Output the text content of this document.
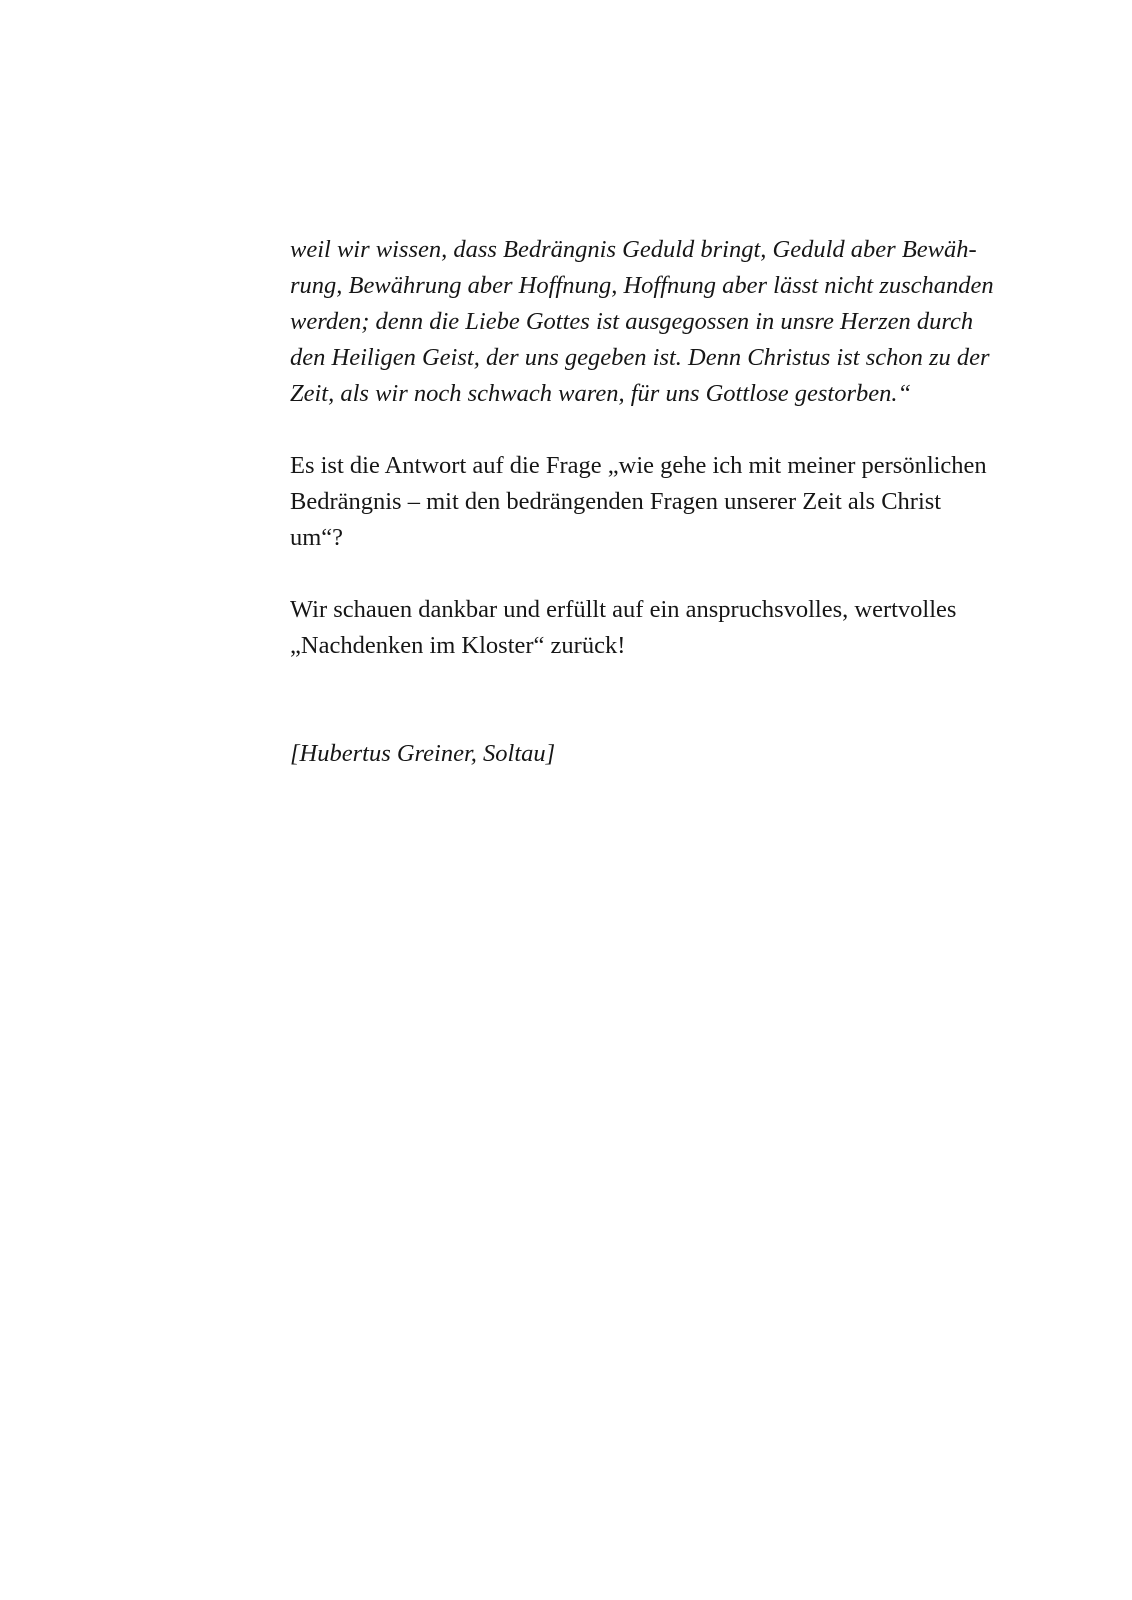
weil wir wissen, dass Bedrängnis Geduld bringt, Geduld aber Bewäh-
rung, Bewährung aber Hoffnung, Hoffnung aber lässt nicht zuschanden
werden; denn die Liebe Gottes ist ausgegossen in unsre Herzen durch
den Heiligen Geist, der uns gegeben ist. Denn Christus ist schon zu der
Zeit, als wir noch schwach waren, für uns Gottlose gestorben.“

Es ist die Antwort auf die Frage „wie gehe ich mit meiner persönlichen
Bedrängnis – mit den bedrängenden Fragen unserer Zeit als Christ
um“?

Wir schauen dankbar und erfüllt auf ein anspruchsvolles, wertvolles
„Nachdenken im Kloster“ zurück!

[Hubertus Greiner, Soltau]
